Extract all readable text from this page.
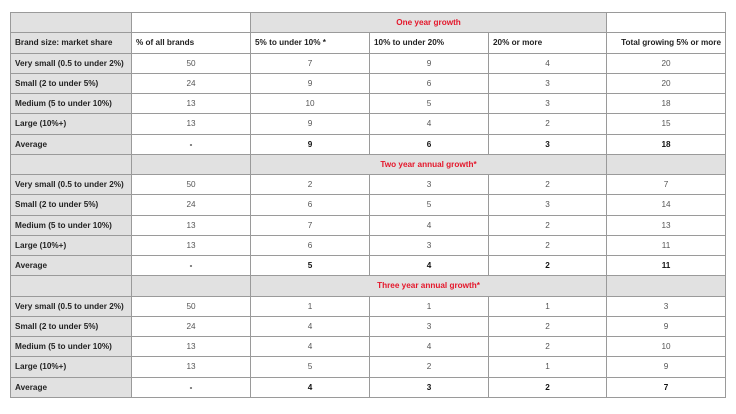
		One year growth			
Brand size: market share	% of all brands	5% to under 10% *	10% to under 20%	20% or more	Total growing 5% or more
Very small (0.5 to under 2%)	50	7	9	4	20
Small (2 to under 5%)	24	9	6	3	20
Medium (5 to under 10%)	13	10	5	3	18
Large (10%+)	13	9	4	2	15
Average	-	9	6	3	18
		Two year annual growth*			
Very small (0.5 to under 2%)	50	2	3	2	7
Small (2 to under 5%)	24	6	5	3	14
Medium (5 to under 10%)	13	7	4	2	13
Large (10%+)	13	6	3	2	11
Average	-	5	4	2	11
		Three year annual growth*			
Very small (0.5 to under 2%)	50	1	1	1	3
Small (2 to under 5%)	24	4	3	2	9
Medium (5 to under 10%)	13	4	4	2	10
Large (10%+)	13	5	2	1	9
Average	-	4	3	2	7
